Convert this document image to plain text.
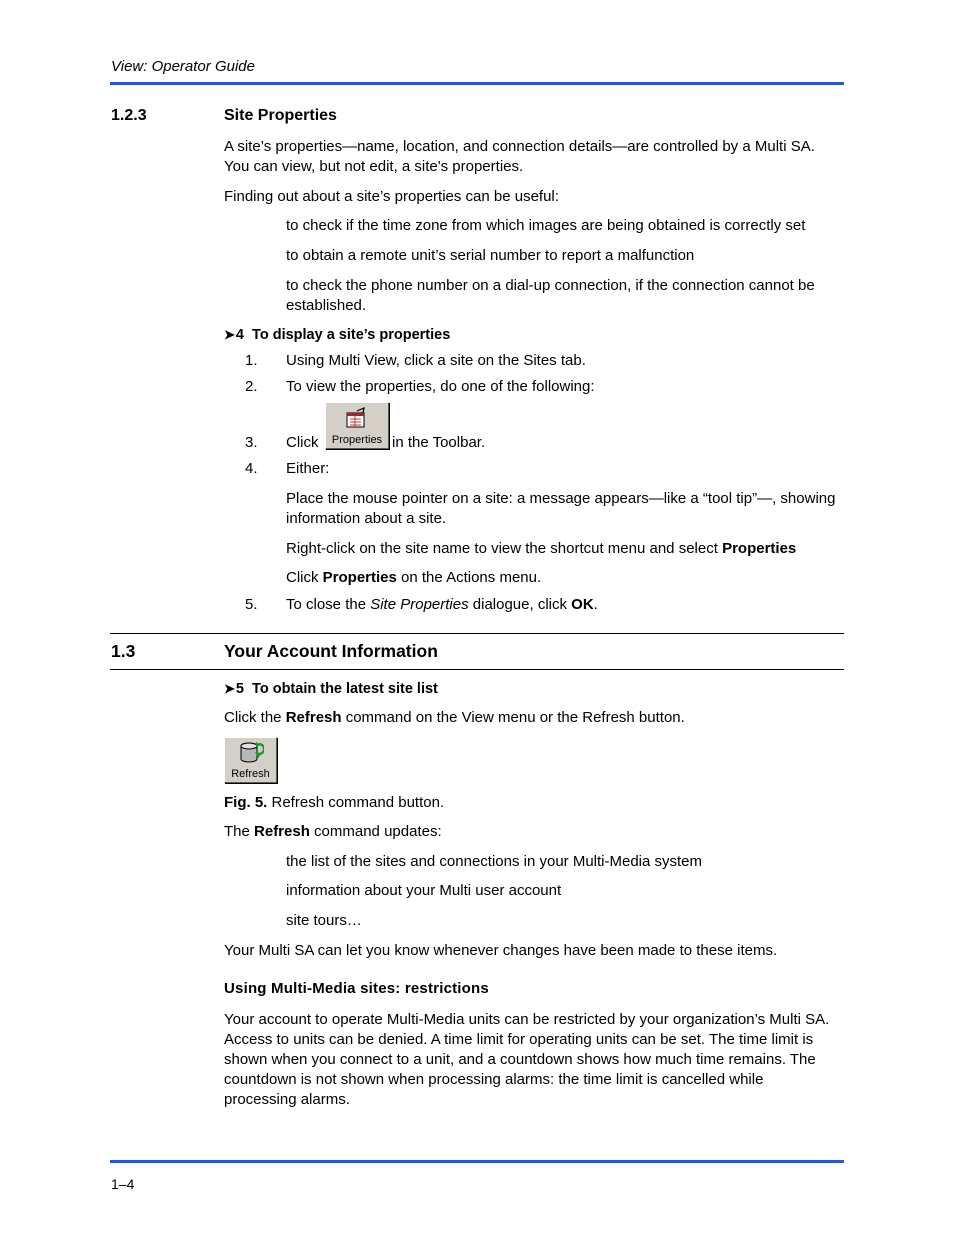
View: Operator Guide
1.2.3	Site Properties
A site’s properties—name, location, and connection details—are controlled by a Multi SA. You can view, but not edit, a site's properties.
Finding out about a site’s properties can be useful:
to check if the time zone from which images are being obtained is correctly set
to obtain a remote unit’s serial number to report a malfunction
to check the phone number on a dial-up connection, if the connection cannot be established.
➤4 To display a site’s properties
1. Using Multi View, click a site on the Sites tab.
2. To view the properties, do one of the following:
3. Click	Properties in the Toolbar.
4. Either:
Place the mouse pointer on a site: a message appears—like a “tool tip”—, showing information about a site.
Right-click on the site name to view the shortcut menu and select Properties
Click Properties on the Actions menu.
5. To close the Site Properties dialogue, click OK.
1.3	Your Account Information
➤5 To obtain the latest site list
Click the Refresh command on the View menu or the Refresh button.
Refresh
Fig. 5. Refresh command button.
The Refresh command updates:
the list of the sites and connections in your Multi-Media system
information about your Multi user account
site tours…
Your Multi SA can let you know whenever changes have been made to these items.
Using Multi-Media sites: restrictions
Your account to operate Multi-Media units can be restricted by your organization’s Multi SA. Access to units can be denied. A time limit for operating units can be set. The time limit is shown when you connect to a unit, and a countdown shows how much time remains. The countdown is not shown when processing alarms: the time limit is cancelled while processing alarms.
1–4
